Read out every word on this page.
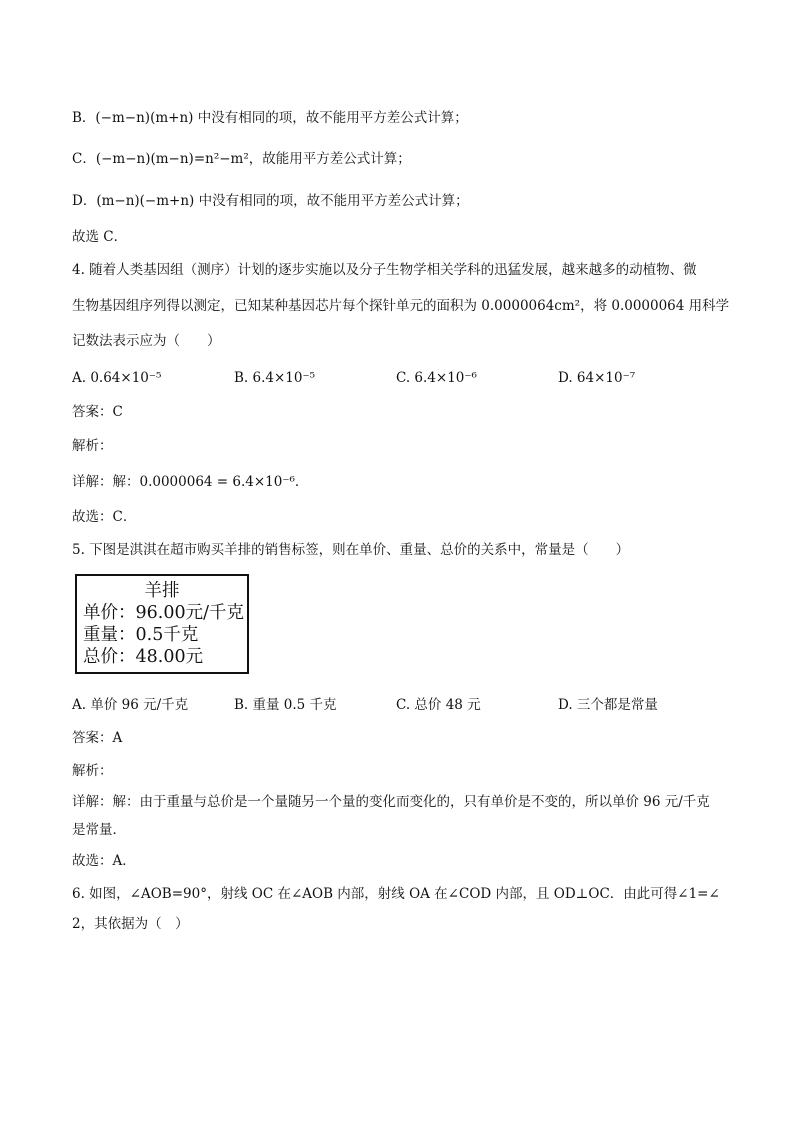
B．(−m−n)(m+n) 中没有相同的项，故不能用平方差公式计算；
C．(−m−n)(m−n)=n²−m²，故能用平方差公式计算；
D．(m−n)(−m+n) 中没有相同的项，故不能用平方差公式计算；
故选 C．
4. 随着人类基因组（测序）计划的逐步实施以及分子生物学相关学科的迅猛发展，越来越多的动植物、微
生物基因组序列得以测定，已知某种基因芯片每个探针单元的面积为 0.0000064cm²，将 0.0000064 用科学
记数法表示应为（　　）
A. 0.64×10⁻⁵	B. 6.4×10⁻⁵	C. 6.4×10⁻⁶	D. 64×10⁻⁷
答案：C
解析：
详解：解：0.0000064 = 6.4×10⁻⁶．
故选：C．
5. 下图是淇淇在超市购买羊排的销售标签，则在单价、重量、总价的关系中，常量是（　　）
羊排
单价：96.00元/千克
重量：0.5千克
总价：48.00元
A. 单价 96 元/千克	B. 重量 0.5 千克	C. 总价 48 元	D. 三个都是常量
答案：A
解析：
详解：解：由于重量与总价是一个量随另一个量的变化而变化的，只有单价是不变的，所以单价 96 元/千克
是常量．
故选：A．
6. 如图，∠AOB=90°，射线 OC 在∠AOB 内部，射线 OA 在∠COD 内部，且 OD⊥OC．由此可得∠1=∠
2，其依据为（　）
